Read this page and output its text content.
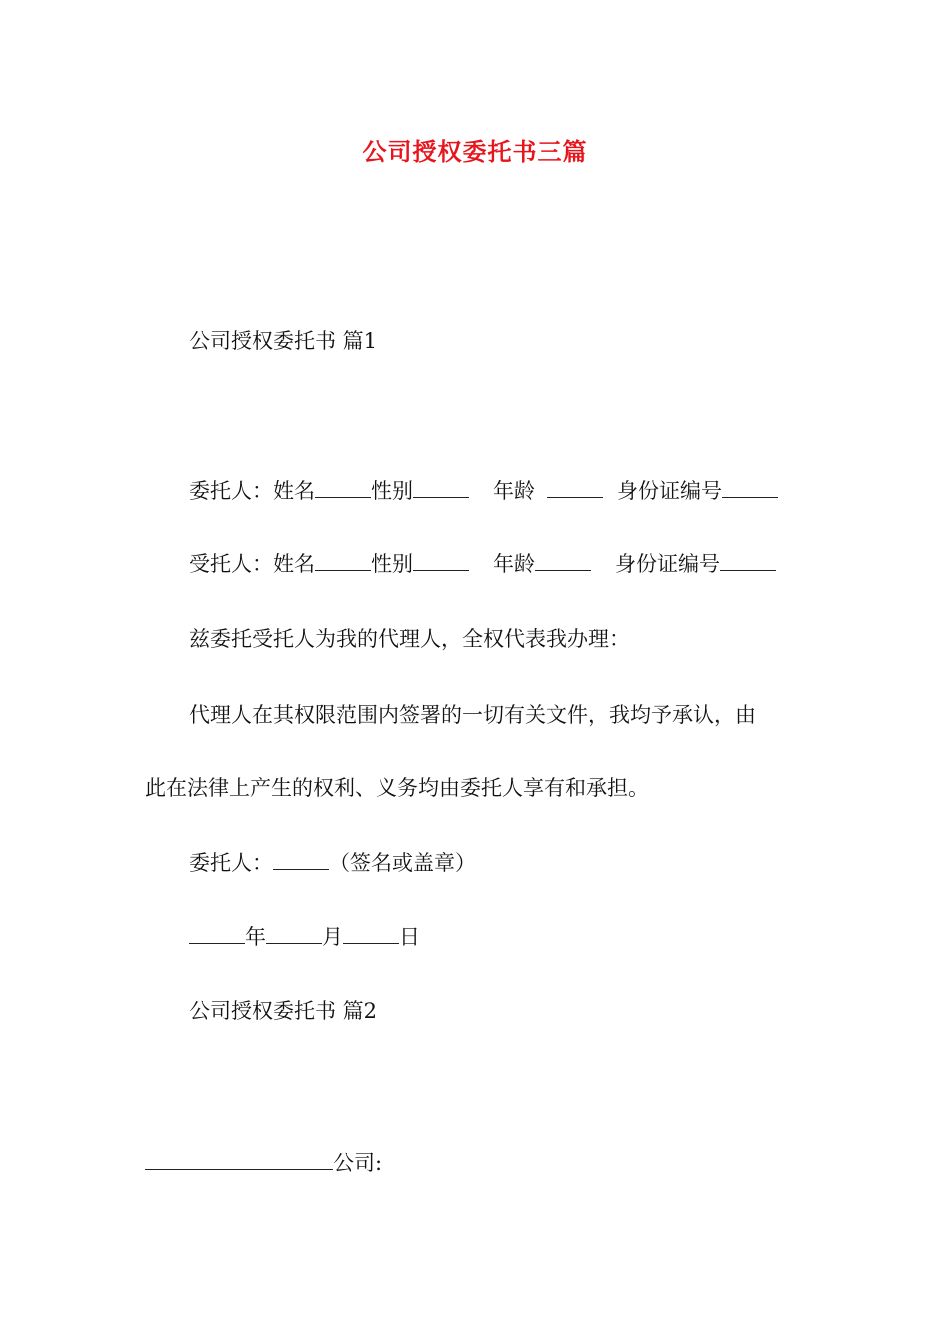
公司授权委托书三篇
公司授权委托书 篇1
委托人：姓名	性别	年龄	身份证编号
受托人：姓名	性别	年龄	身份证编号
兹委托受托人为我的代理人，全权代表我办理：
代理人在其权限范围内签署的一切有关文件，我均予承认，由
此在法律上产生的权利、义务均由委托人享有和承担。
委托人：	（签名或盖章）
年	月	日
公司授权委托书 篇2
公司:
